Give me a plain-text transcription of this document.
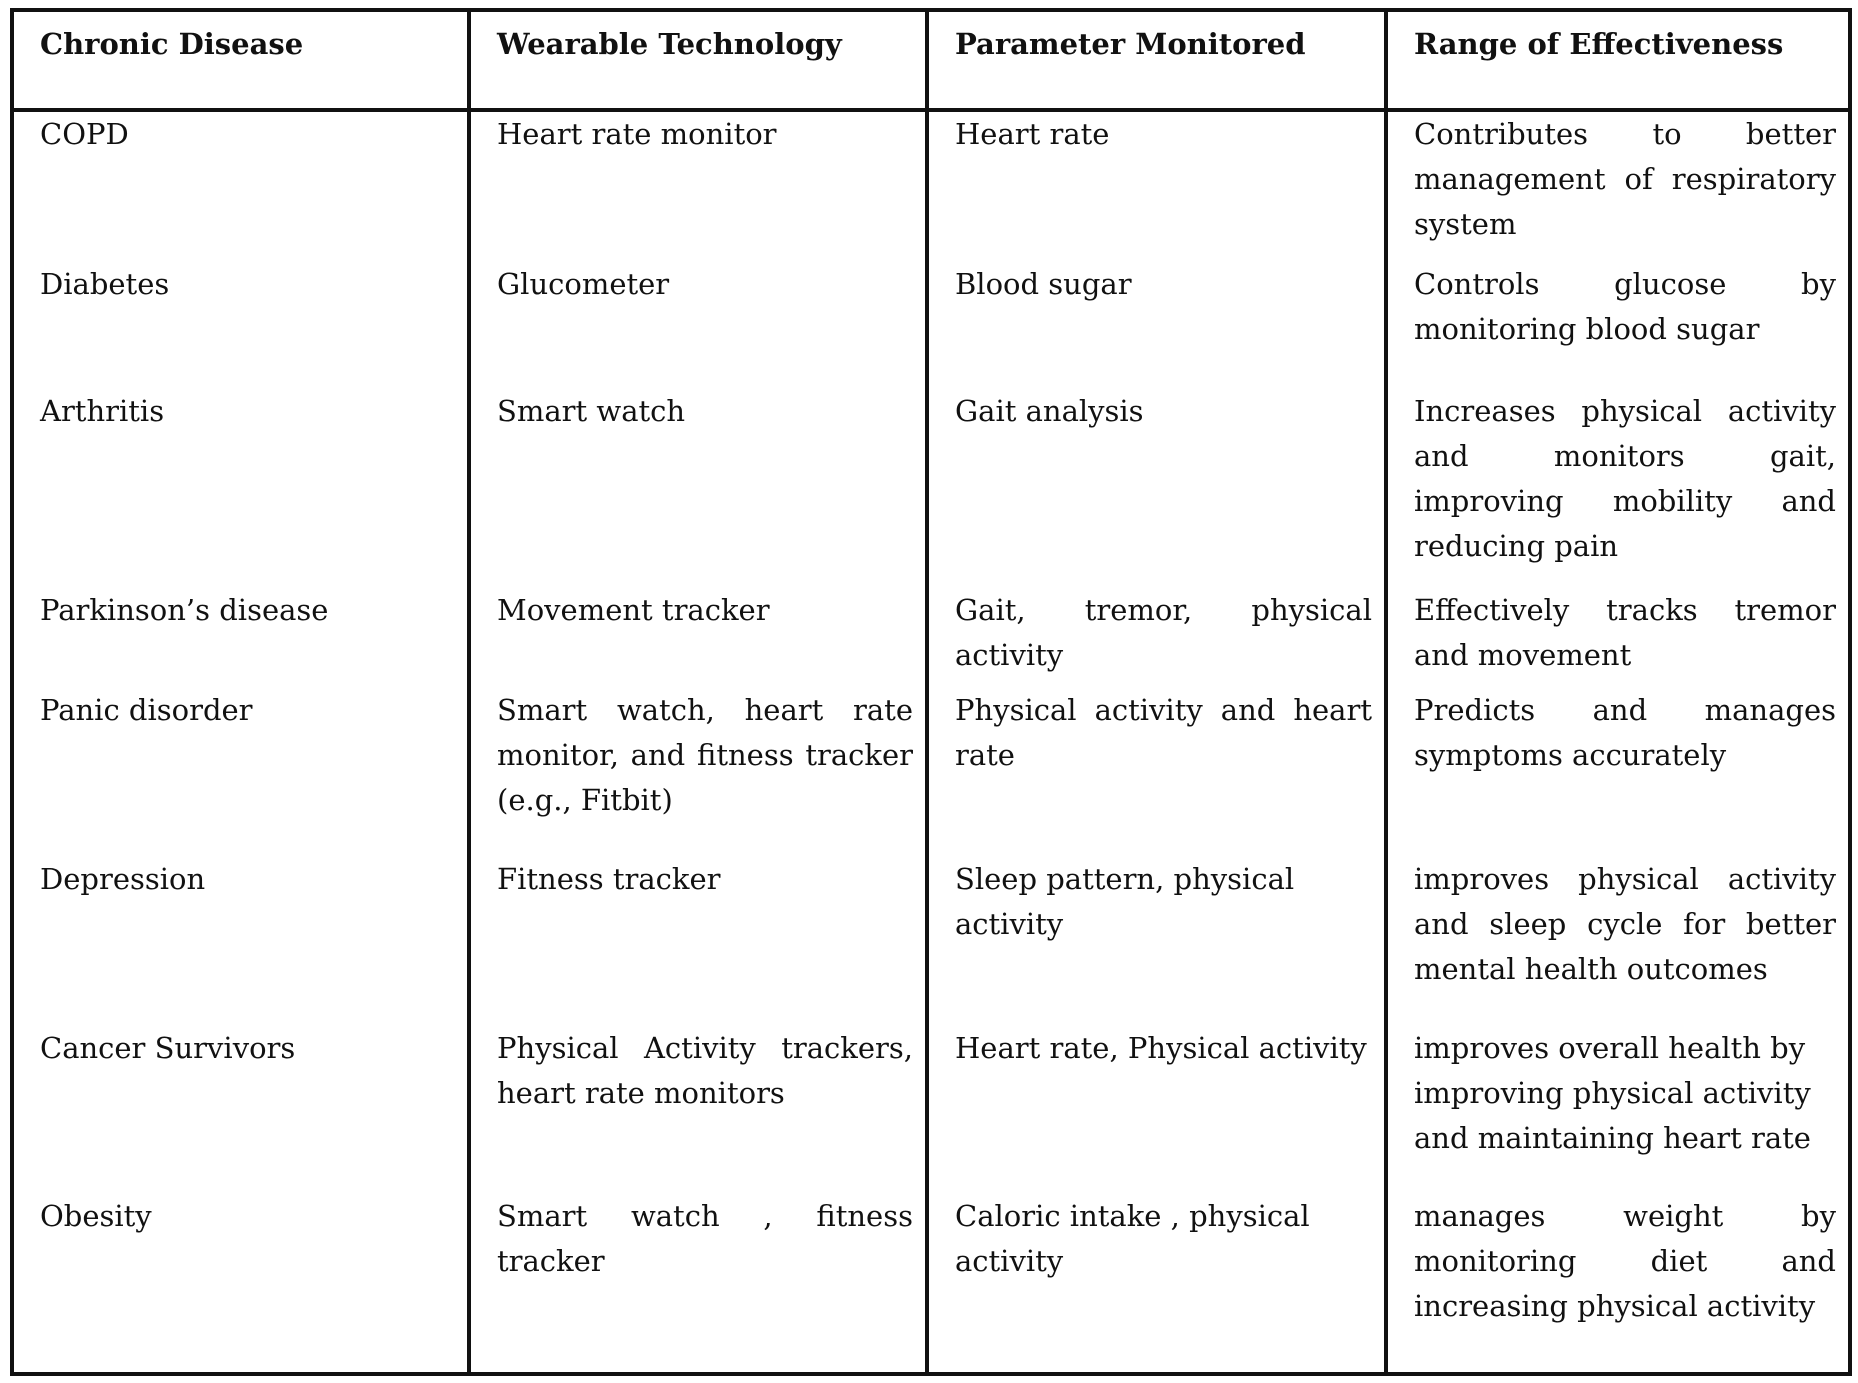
Chronic Disease	Wearable Technology	Parameter Monitored	Range of Effectiveness
COPD	Heart rate monitor	Heart rate	Contributes to better management of respiratory system
Diabetes	Glucometer	Blood sugar	Controls glucose by monitoring blood sugar
Arthritis	Smart watch	Gait analysis	Increases physical activity and monitors gait, improving mobility and reducing pain
Parkinson’s disease	Movement tracker	Gait, tremor, physical activity	Effectively tracks tremor and movement
Panic disorder	Smart watch, heart rate monitor, and fitness tracker (e.g., Fitbit)	Physical activity and heart rate	Predicts and manages symptoms accurately
Depression	Fitness tracker	Sleep pattern, physical activity	improves physical activity and sleep cycle for better mental health outcomes
Cancer Survivors	Physical Activity trackers, heart rate monitors	Heart rate, Physical activity	improves overall health by improving physical activity and maintaining heart rate
Obesity	Smart watch , fitness tracker	Caloric intake , physical activity	manages weight by monitoring diet and increasing physical activity
